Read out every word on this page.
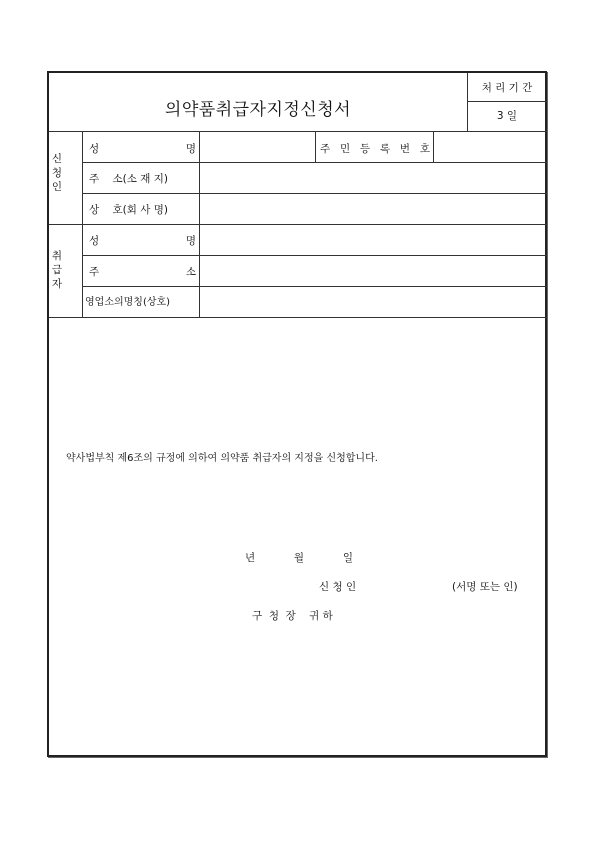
의약품취급자지정신청서
처 리 기 간
3 일
신
청
인
성	명	주 민 등 록 번 호
주    소(소 재 지)
상    호(회 사 명)
취
급
자
성	명
주	소
영업소의명칭(상호)
약사법부칙 제6조의 규정에 의하여 의약품 취급자의 지정을 신청합니다.
년	월	일
신 청 인	(서명 또는 인)
구  청  장    귀 하
